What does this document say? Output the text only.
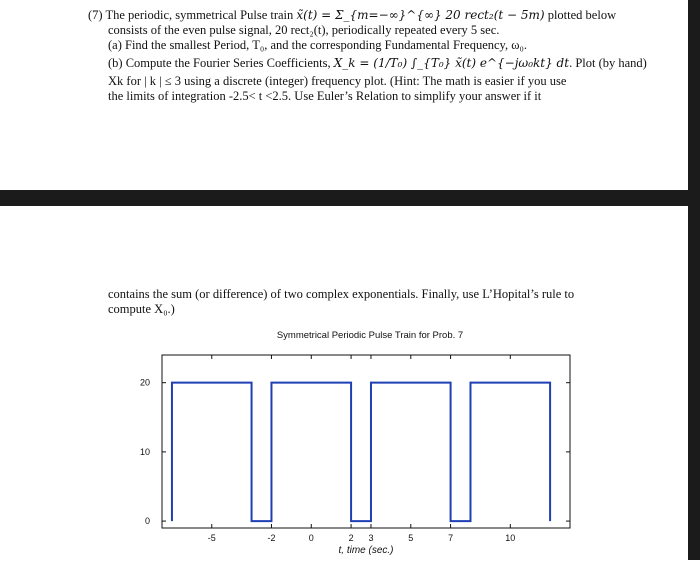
(7) The periodic, symmetrical Pulse train x̃(t) = Σ_{m=−∞}^{∞} 20 rect₂(t − 5m) plotted below
consists of the even pulse signal, 20 rect₂(t), periodically repeated every 5 sec.
(a) Find the smallest Period, T₀, and the corresponding Fundamental Frequency, ω₀.
(b) Compute the Fourier Series Coefficients, X_k = (1/T₀) ∫_{T₀} x̃(t) e^{−jω₀kt} dt. Plot (by hand)
Xk for | k | ≤ 3 using a discrete (integer) frequency plot. (Hint: The math is easier if you use
the limits of integration -2.5< t <2.5. Use Euler’s Relation to simplify your answer if it
contains the sum (or difference) of two complex exponentials. Finally, use L’Hopital’s rule to
compute X₀.)
Symmetrical Periodic Pulse Train for Prob. 7
-5	-2	0	2 3	5	7	10
0
10
20
t, time (sec.)
